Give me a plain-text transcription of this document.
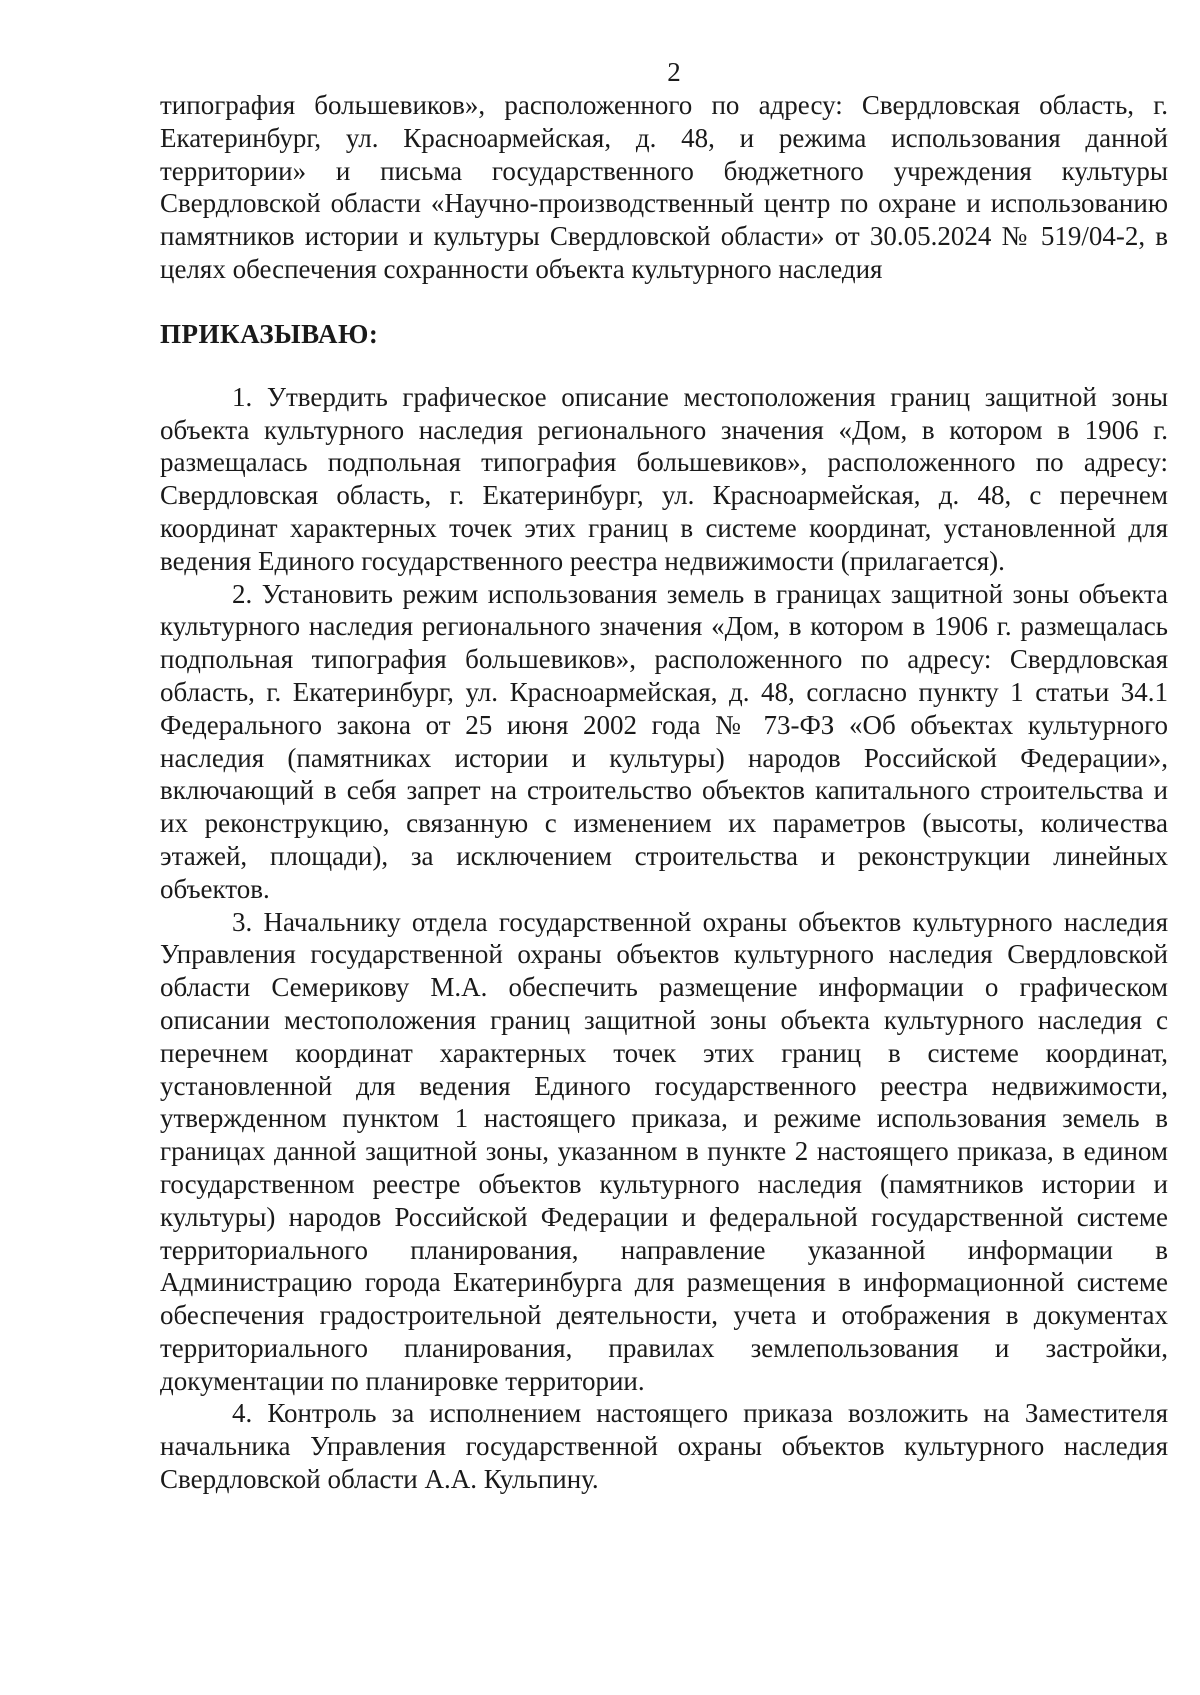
2

типография большевиков», расположенного по адресу: Свердловская область, г. Екатеринбург, ул. Красноармейская, д. 48, и режима использования данной территории» и письма государственного бюджетного учреждения культуры Свердловской области «Научно-производственный центр по охране и использованию памятников истории и культуры Свердловской области» от 30.05.2024 № 519/04-2, в целях обеспечения сохранности объекта культурного наследия

ПРИКАЗЫВАЮ:

1. Утвердить графическое описание местоположения границ защитной зоны объекта культурного наследия регионального значения «Дом, в котором в 1906 г. размещалась подпольная типография большевиков», расположенного по адресу: Свердловская область, г. Екатеринбург, ул. Красноармейская, д. 48, с перечнем координат характерных точек этих границ в системе координат, установленной для ведения Единого государственного реестра недвижимости (прилагается).

2. Установить режим использования земель в границах защитной зоны объекта культурного наследия регионального значения «Дом, в котором в 1906 г. размещалась подпольная типография большевиков», расположенного по адресу: Свердловская область, г. Екатеринбург, ул. Красноармейская, д. 48, согласно пункту 1 статьи 34.1 Федерального закона от 25 июня 2002 года № 73-ФЗ «Об объектах культурного наследия (памятниках истории и культуры) народов Российской Федерации», включающий в себя запрет на строительство объектов капитального строительства и их реконструкцию, связанную с изменением их параметров (высоты, количества этажей, площади), за исключением строительства и реконструкции линейных объектов.

3. Начальнику отдела государственной охраны объектов культурного наследия Управления государственной охраны объектов культурного наследия Свердловской области Семерикову М.А. обеспечить размещение информации о графическом описании местоположения границ защитной зоны объекта культурного наследия с перечнем координат характерных точек этих границ в системе координат, установленной для ведения Единого государственного реестра недвижимости, утвержденном пунктом 1 настоящего приказа, и режиме использования земель в границах данной защитной зоны, указанном в пункте 2 настоящего приказа, в едином государственном реестре объектов культурного наследия (памятников истории и культуры) народов Российской Федерации и федеральной государственной системе территориального планирования, направление указанной информации в Администрацию города Екатеринбурга для размещения в информационной системе обеспечения градостроительной деятельности, учета и отображения в документах территориального планирования, правилах землепользования и застройки, документации по планировке территории.

4. Контроль за исполнением настоящего приказа возложить на Заместителя начальника Управления государственной охраны объектов культурного наследия Свердловской области А.А. Кульпину.
